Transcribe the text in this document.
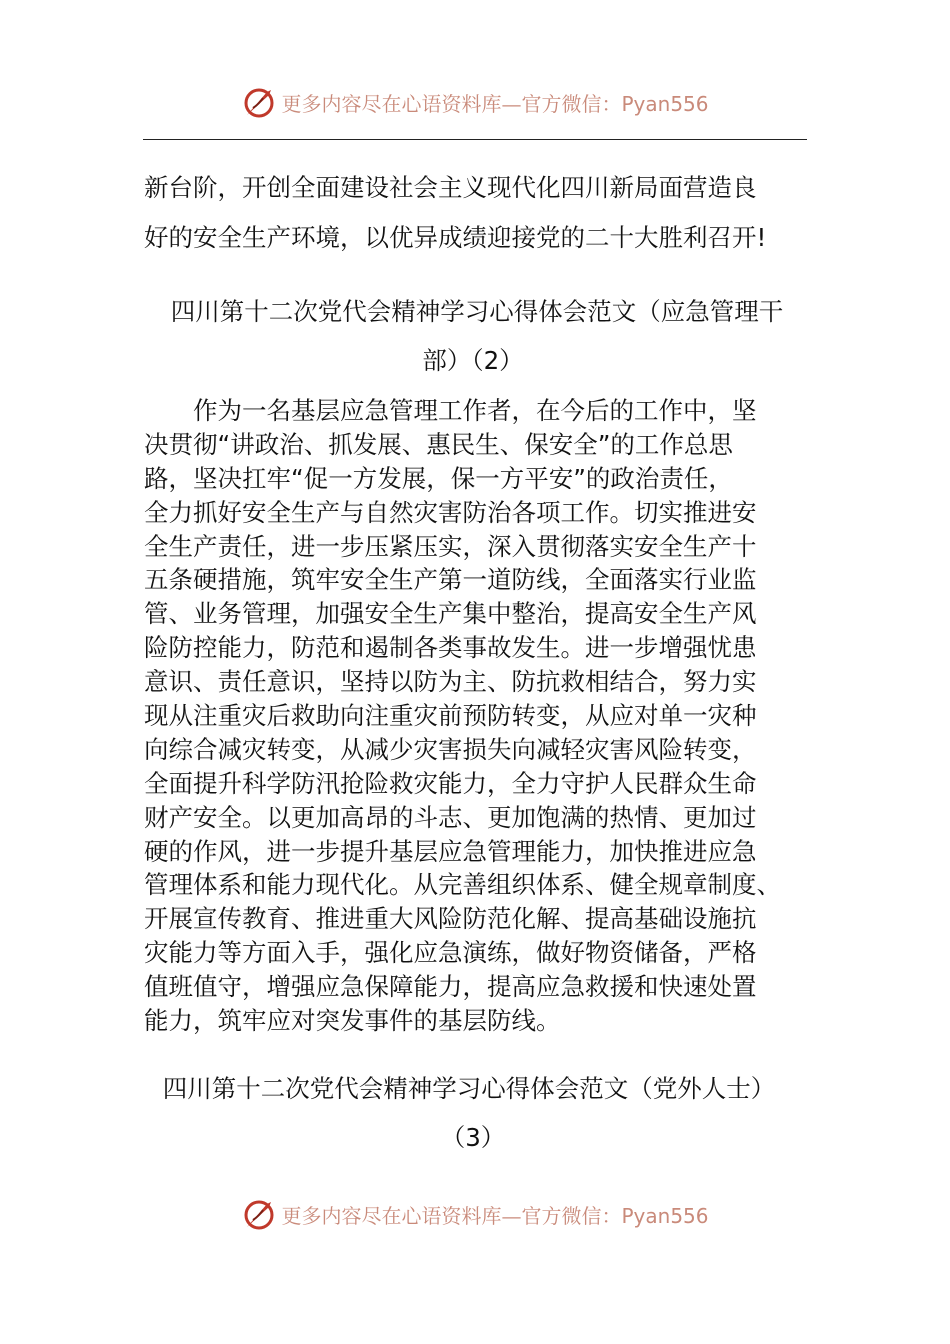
更多内容尽在心语资料库—官方微信：Pyan556
新台阶，开创全面建设社会主义现代化四川新局面营造良
好的安全生产环境，以优异成绩迎接党的二十大胜利召开!
四川第十二次党代会精神学习心得体会范文（应急管理干
部）（2）
　　作为一名基层应急管理工作者，在今后的工作中，坚
决贯彻“讲政治、抓发展、惠民生、保安全”的工作总思
路，坚决扛牢“促一方发展，保一方平安”的政治责任，
全力抓好安全生产与自然灾害防治各项工作。切实推进安
全生产责任，进一步压紧压实，深入贯彻落实安全生产十
五条硬措施，筑牢安全生产第一道防线，全面落实行业监
管、业务管理，加强安全生产集中整治，提高安全生产风
险防控能力，防范和遏制各类事故发生。进一步增强忧患
意识、责任意识，坚持以防为主、防抗救相结合，努力实
现从注重灾后救助向注重灾前预防转变，从应对单一灾种
向综合减灾转变，从减少灾害损失向减轻灾害风险转变，
全面提升科学防汛抢险救灾能力，全力守护人民群众生命
财产安全。以更加高昂的斗志、更加饱满的热情、更加过
硬的作风，进一步提升基层应急管理能力，加快推进应急
管理体系和能力现代化。从完善组织体系、健全规章制度、
开展宣传教育、推进重大风险防范化解、提高基础设施抗
灾能力等方面入手，强化应急演练，做好物资储备，严格
值班值守，增强应急保障能力，提高应急救援和快速处置
能力，筑牢应对突发事件的基层防线。
四川第十二次党代会精神学习心得体会范文（党外人士）
（3）
更多内容尽在心语资料库—官方微信：Pyan556
